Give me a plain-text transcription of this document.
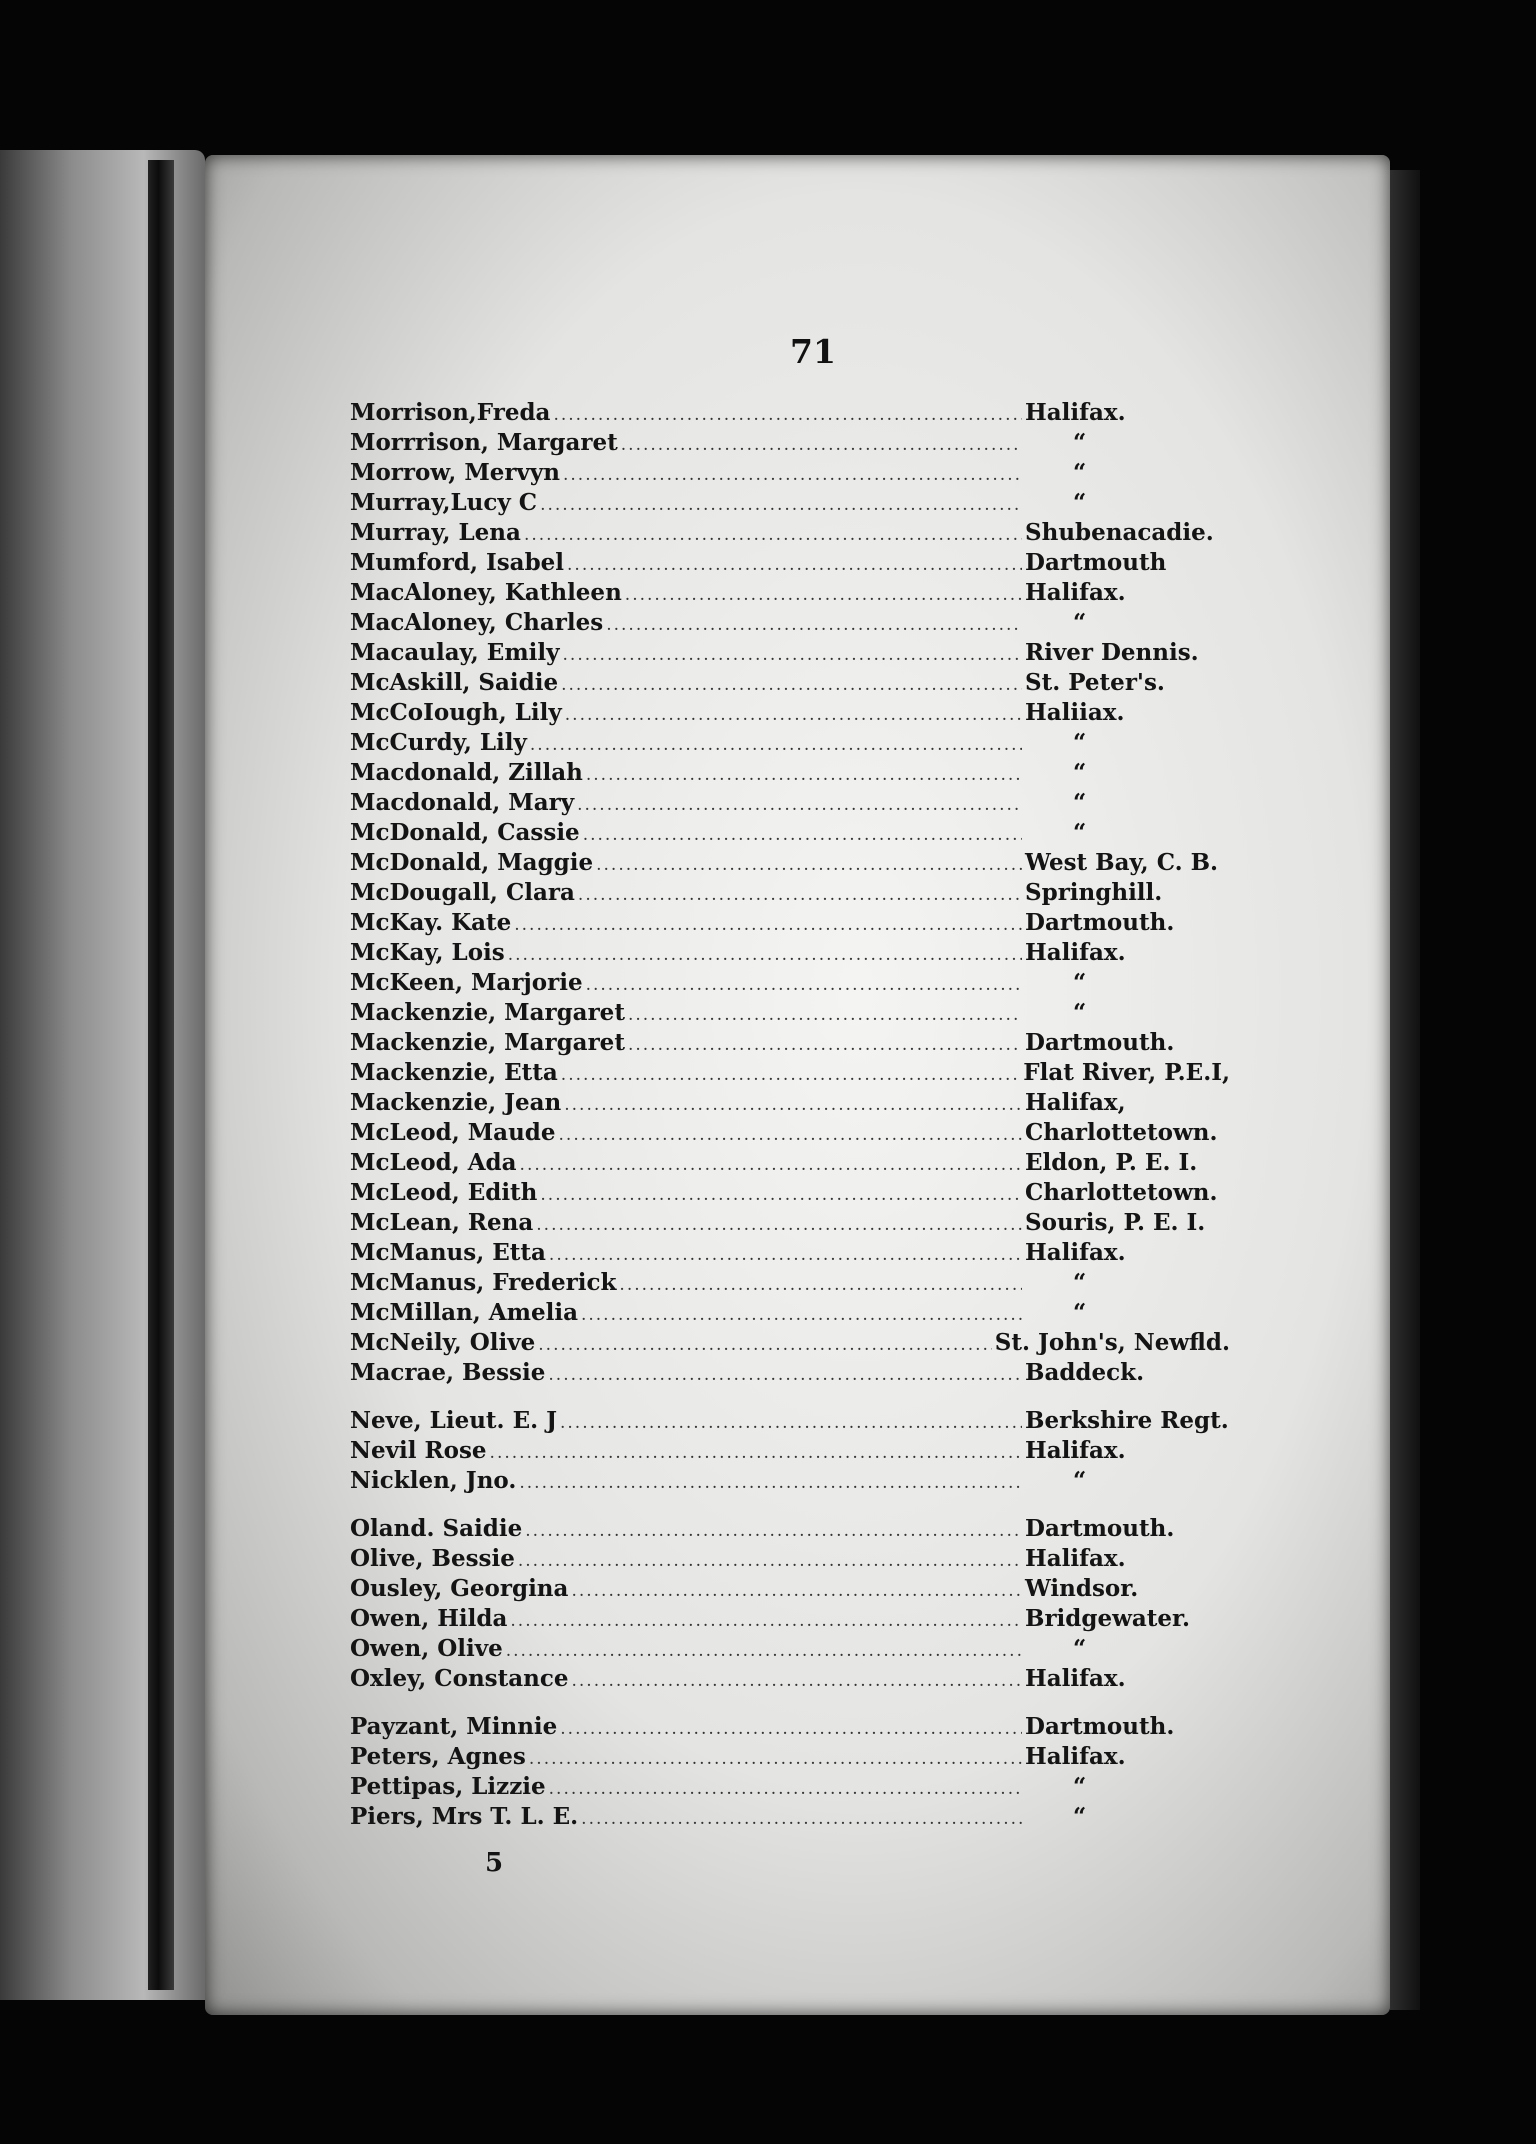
71

Morrison,Freda .....	Halifax.
Morrrison, Margaret .....	“
Morrow, Mervyn .....	“
Murray,Lucy C .....	“
Murray, Lena .....	Shubenacadie.
Mumford, Isabel .....	Dartmouth
MacAloney, Kathleen .....	Halifax.
MacAloney, Charles .....	“
Macaulay, Emily .....	River Dennis.
McAskill, Saidie .....	St. Peter's.
McCoIough, Lily .....	Haliiax.
McCurdy, Lily .....	“
Macdonald, Zillah .....	“
Macdonald, Mary .....	“
McDonald, Cassie .....	“
McDonald, Maggie .....	West Bay, C. B.
McDougall, Clara .....	Springhill.
McKay. Kate .....	Dartmouth.
McKay, Lois .....	Halifax.
McKeen, Marjorie .....	“
Mackenzie, Margaret .....	“
Mackenzie, Margaret .....	Dartmouth.
Mackenzie, Etta .....	Flat River, P.E.I,
Mackenzie, Jean .....	Halifax,
McLeod, Maude .....	Charlottetown.
McLeod, Ada .....	Eldon, P. E. I.
McLeod, Edith .....	Charlottetown.
McLean, Rena .....	Souris, P. E. I.
McManus, Etta .....	Halifax.
McManus, Frederick .....	“
McMillan, Amelia .....	“
McNeily, Olive .....	St. John's, Newfld.
Macrae, Bessie .....	Baddeck.
Neve, Lieut. E. J .....	Berkshire Regt.
Nevil Rose .....	Halifax.
Nicklen, Jno. .....	“
Oland. Saidie .....	Dartmouth.
Olive, Bessie .....	Halifax.
Ousley, Georgina .....	Windsor.
Owen, Hilda .....	Bridgewater.
Owen, Olive .....	“
Oxley, Constance .....	Halifax.
Payzant, Minnie .....	Dartmouth.
Peters, Agnes .....	Halifax.
Pettipas, Lizzie .....	“
Piers, Mrs T. L. E. .....	“
5
